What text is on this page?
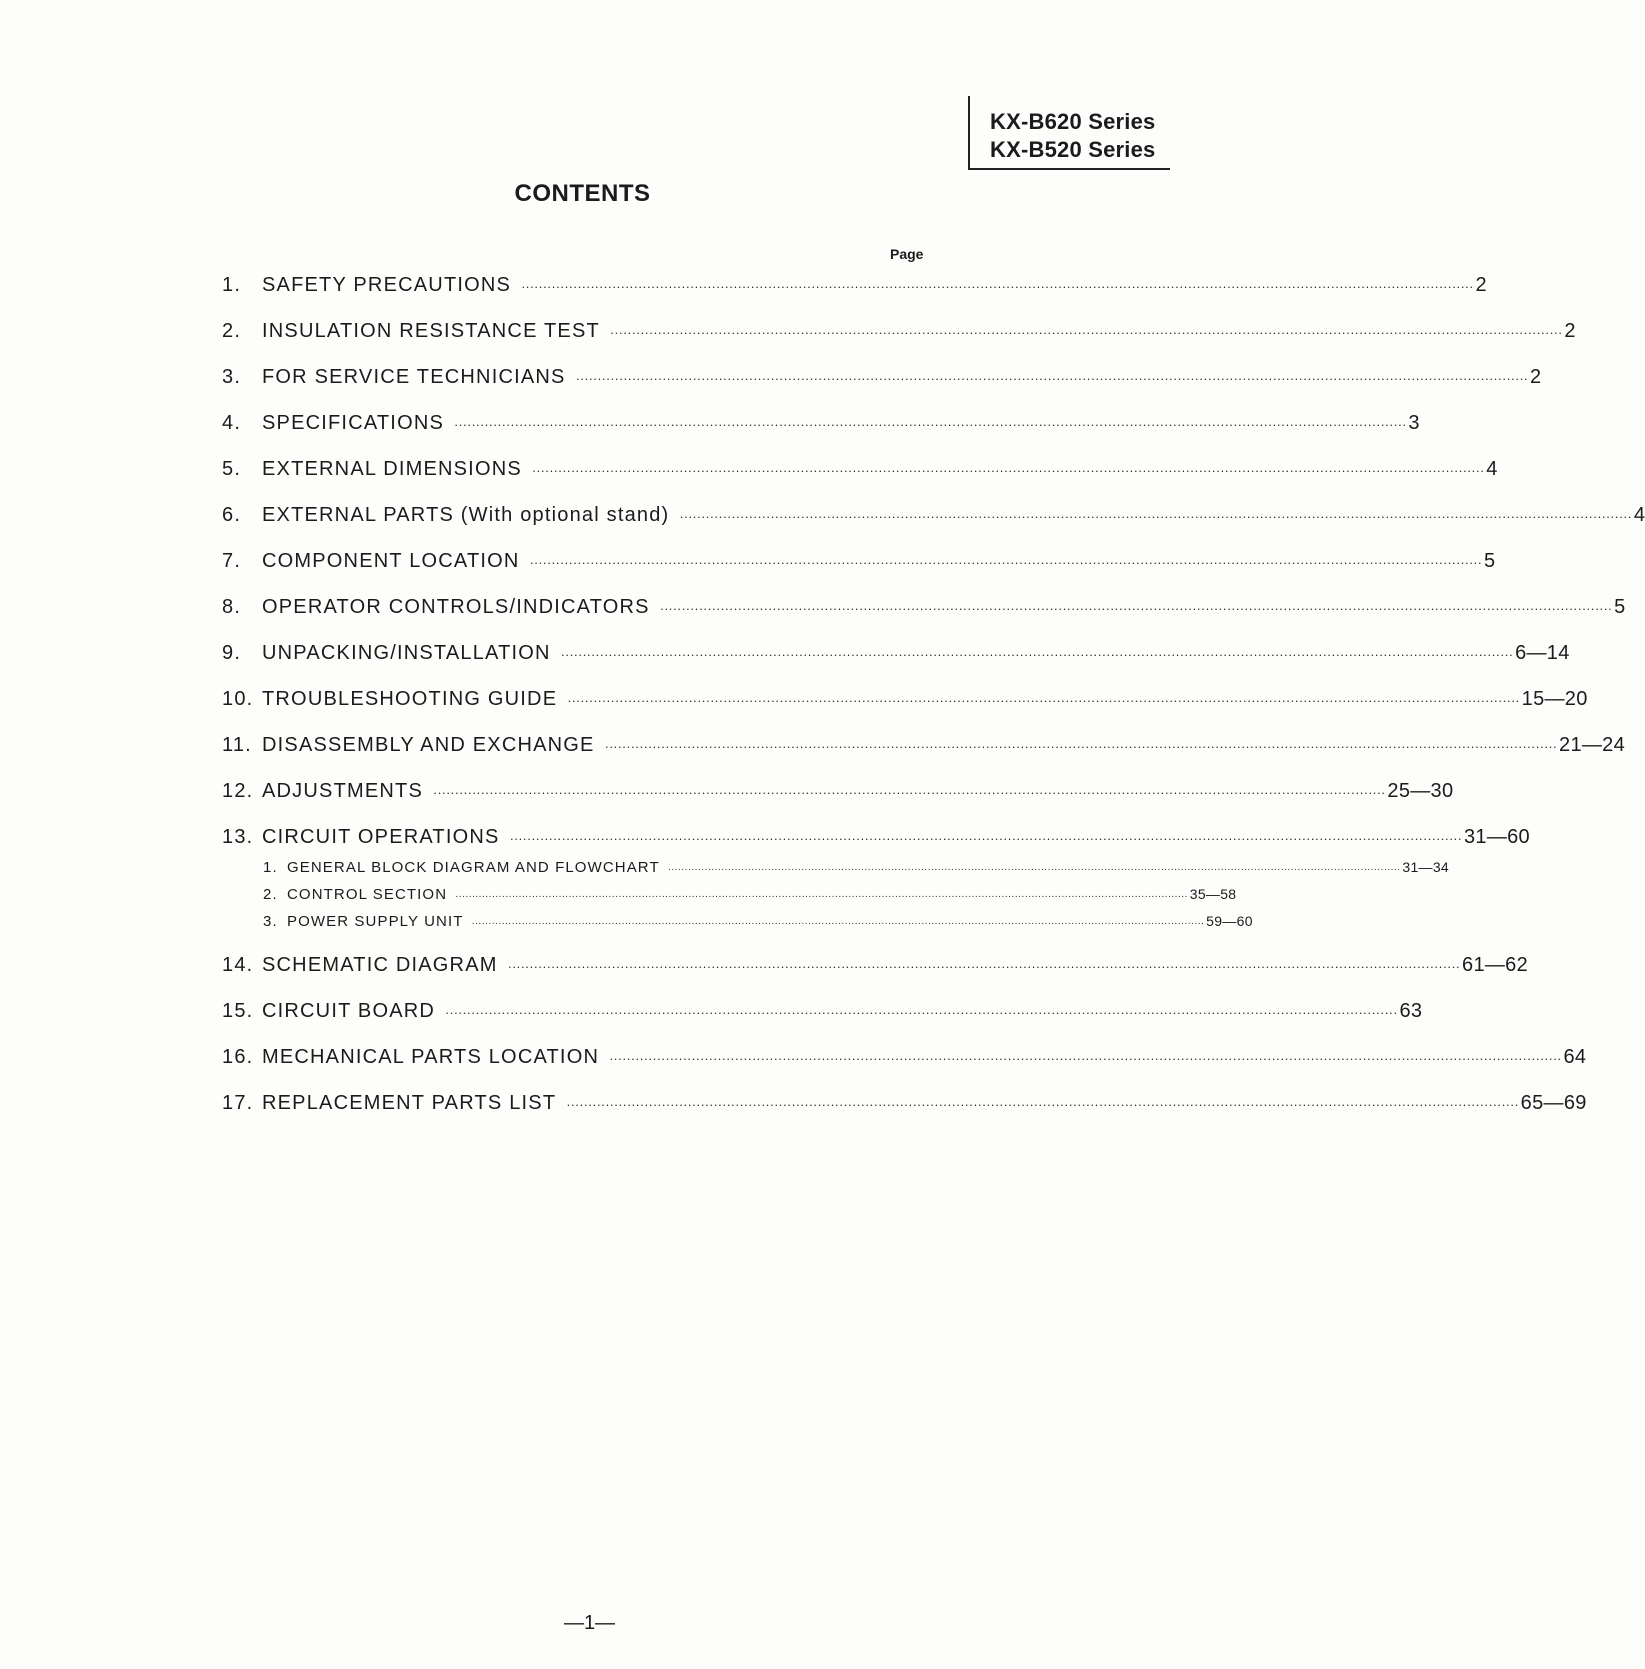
KX-B620 Series
KX-B520 Series
CONTENTS
Page
1.	SAFETY PRECAUTIONS ···························································································································································································································· 2
2.	INSULATION RESISTANCE TEST ···························································································································································································································· 2
3.	FOR SERVICE TECHNICIANS ···························································································································································································································· 2
4.	SPECIFICATIONS ···························································································································································································································· 3
5.	EXTERNAL DIMENSIONS ···························································································································································································································· 4
6.	EXTERNAL PARTS (With optional stand) ···························································································································································································································· 4
7.	COMPONENT LOCATION ···························································································································································································································· 5
8.	OPERATOR CONTROLS/INDICATORS ···························································································································································································································· 5
9.	UNPACKING/INSTALLATION ···························································································································································································································· 6—14
10. TROUBLESHOOTING GUIDE ···························································································································································································································· 15—20
11. DISASSEMBLY AND EXCHANGE ···························································································································································································································· 21—24
12. ADJUSTMENTS ···························································································································································································································· 25—30
13. CIRCUIT OPERATIONS ···························································································································································································································· 31—60
1. GENERAL BLOCK DIAGRAM AND FLOWCHART ···························································································································································································································· 31—34
2. CONTROL SECTION ···························································································································································································································· 35—58
3. POWER SUPPLY UNIT ···························································································································································································································· 59—60
14. SCHEMATIC DIAGRAM ···························································································································································································································· 61—62
15. CIRCUIT BOARD ···························································································································································································································· 63
16. MECHANICAL PARTS LOCATION ···························································································································································································································· 64
17. REPLACEMENT PARTS LIST ···························································································································································································································· 65—69
—1—
